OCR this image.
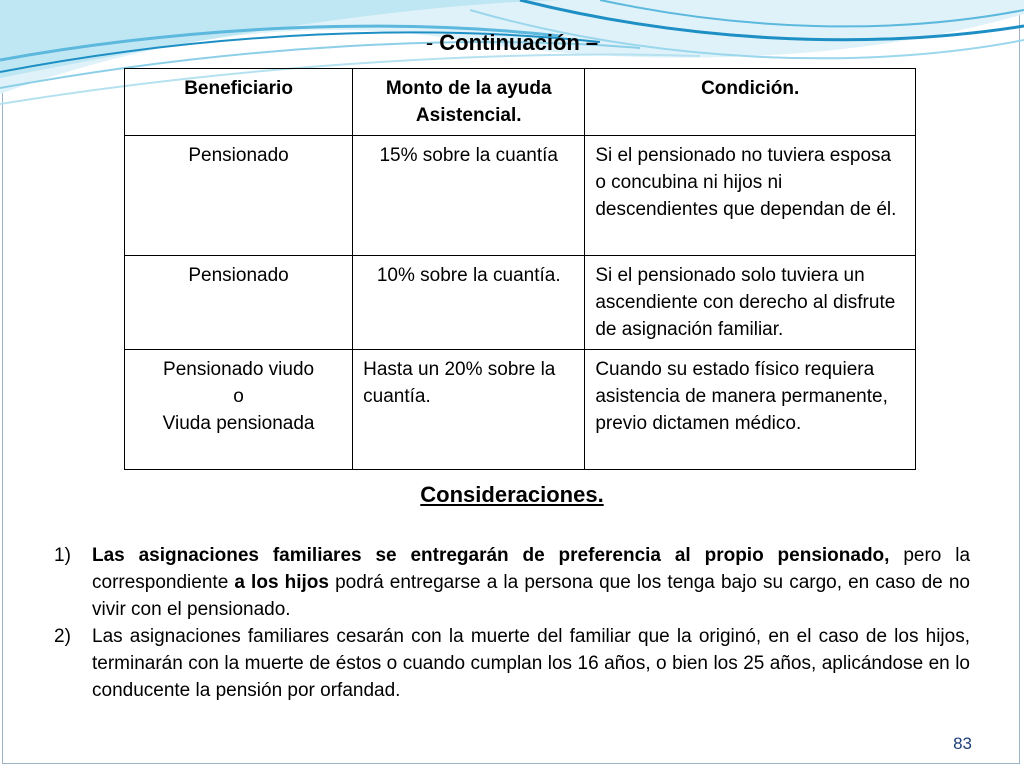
- Continuación –
Beneficiario	Monto de la ayuda Asistencial.	Condición.
Pensionado	15% sobre la cuantía	Si el pensionado no tuviera esposa o concubina ni hijos ni descendientes que dependan de él.
Pensionado	10% sobre la cuantía.	Si el pensionado solo tuviera un ascendiente con derecho al disfrute de asignación familiar.

Pensionado viudo
o
Viuda pensionada	Hasta un 20% sobre la cuantía.	Cuando su estado físico requiera asistencia de manera permanente, previo dictamen médico.
Consideraciones.
1)	Las asignaciones familiares se entregarán de preferencia al propio pensionado, pero la correspondiente a los hijos podrá entregarse a la persona que los tenga bajo su cargo, en caso de no vivir con el pensionado.
2)	Las asignaciones familiares cesarán con la muerte del familiar que la originó, en el caso de los hijos, terminarán con la muerte de éstos o cuando cumplan los 16 años, o bien los 25 años, aplicándose en lo conducente la pensión por orfandad.
83
